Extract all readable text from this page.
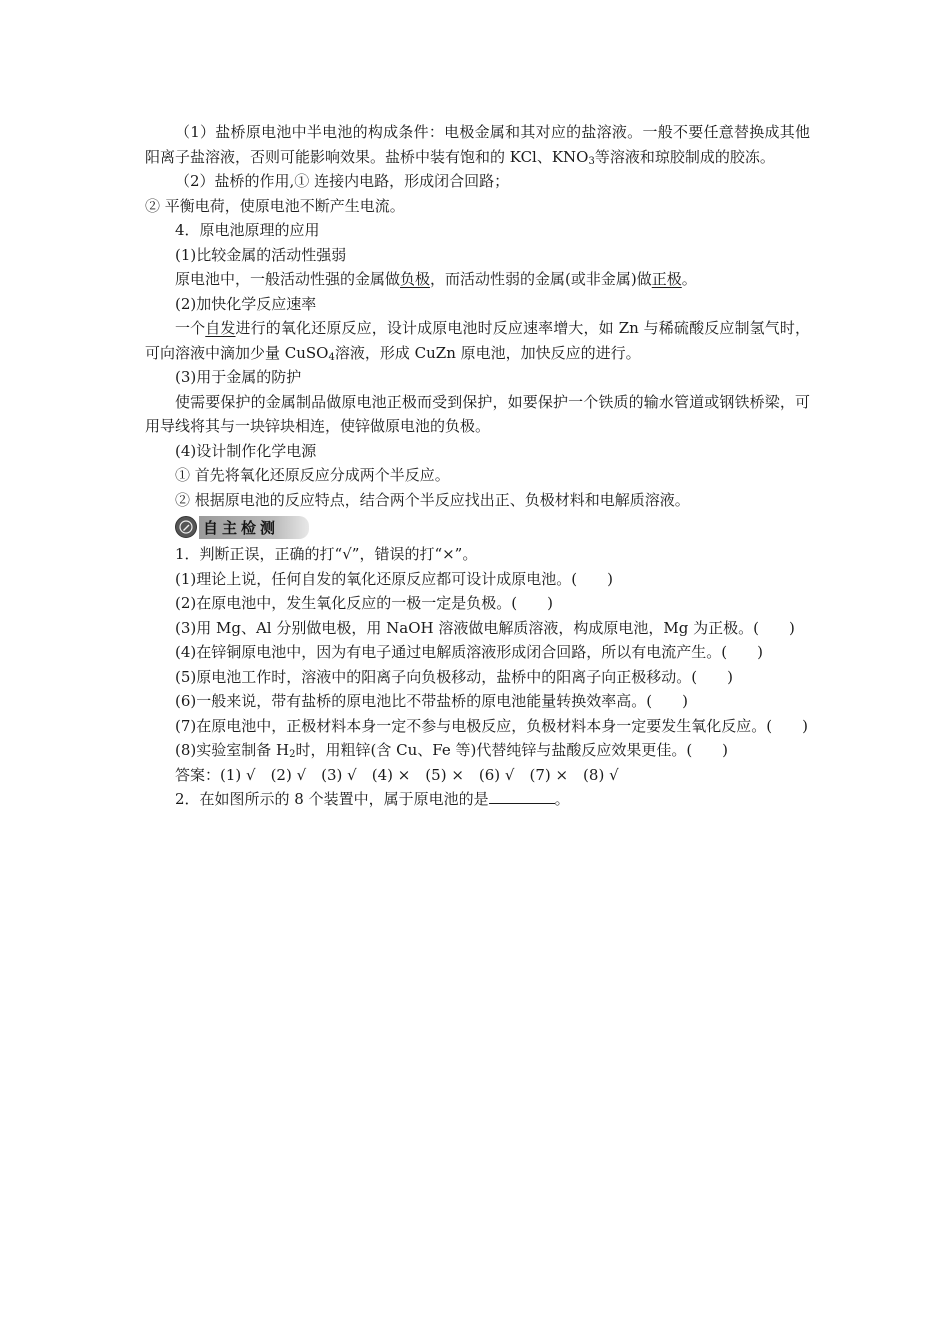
（1）盐桥原电池中半电池的构成条件：电极金属和其对应的盐溶液。一般不要任意替换成其他阳离子盐溶液，否则可能影响效果。盐桥中装有饱和的 KCl、$KNO_3$等溶液和琼胶制成的胶冻。
（2）盐桥的作用,① 连接内电路，形成闭合回路；
② 平衡电荷，使原电池不断产生电流。
4．原电池原理的应用
(1)比较金属的活动性强弱
原电池中，一般活动性强的金属做负极，而活动性弱的金属(或非金属)做正极。
(2)加快化学反应速率
一个自发进行的氧化还原反应，设计成原电池时反应速率增大，如 Zn 与稀硫酸反应制氢气时，可向溶液中滴加少量 CuSO$_4$溶液，形成 CuZn 原电池，加快反应的进行。
(3)用于金属的防护
使需要保护的金属制品做原电池正极而受到保护，如要保护一个铁质的输水管道或钢铁桥梁，可用导线将其与一块锌块相连，使锌做原电池的负极。
(4)设计制作化学电源
① 首先将氧化还原反应分成两个半反应。
② 根据原电池的反应特点，结合两个半反应找出正、负极材料和电解质溶液。
自主检测
1．判断正误，正确的打“√”，错误的打“×”。
(1)理论上说，任何自发的氧化还原反应都可设计成原电池。(　　)
(2)在原电池中，发生氧化反应的一极一定是负极。(　　)
(3)用 Mg、Al 分别做电极，用 NaOH 溶液做电解质溶液，构成原电池，Mg 为正极。(　　)
(4)在锌铜原电池中，因为有电子通过电解质溶液形成闭合回路，所以有电流产生。(　　)
(5)原电池工作时，溶液中的阳离子向负极移动，盐桥中的阳离子向正极移动。(　　)
(6)一般来说，带有盐桥的原电池比不带盐桥的原电池能量转换效率高。(　　)
(7)在原电池中，正极材料本身一定不参与电极反应，负极材料本身一定要发生氧化反应。(　　)
(8)实验室制备 $H_2$时，用粗锌(含 Cu、Fe 等)代替纯锌与盐酸反应效果更佳。(　　)
答案：(1) √　(2) √　(3) √　(4) ×　(5) ×　(6) √　(7) ×　(8) √
2．在如图所示的 8 个装置中，属于原电池的是	。
